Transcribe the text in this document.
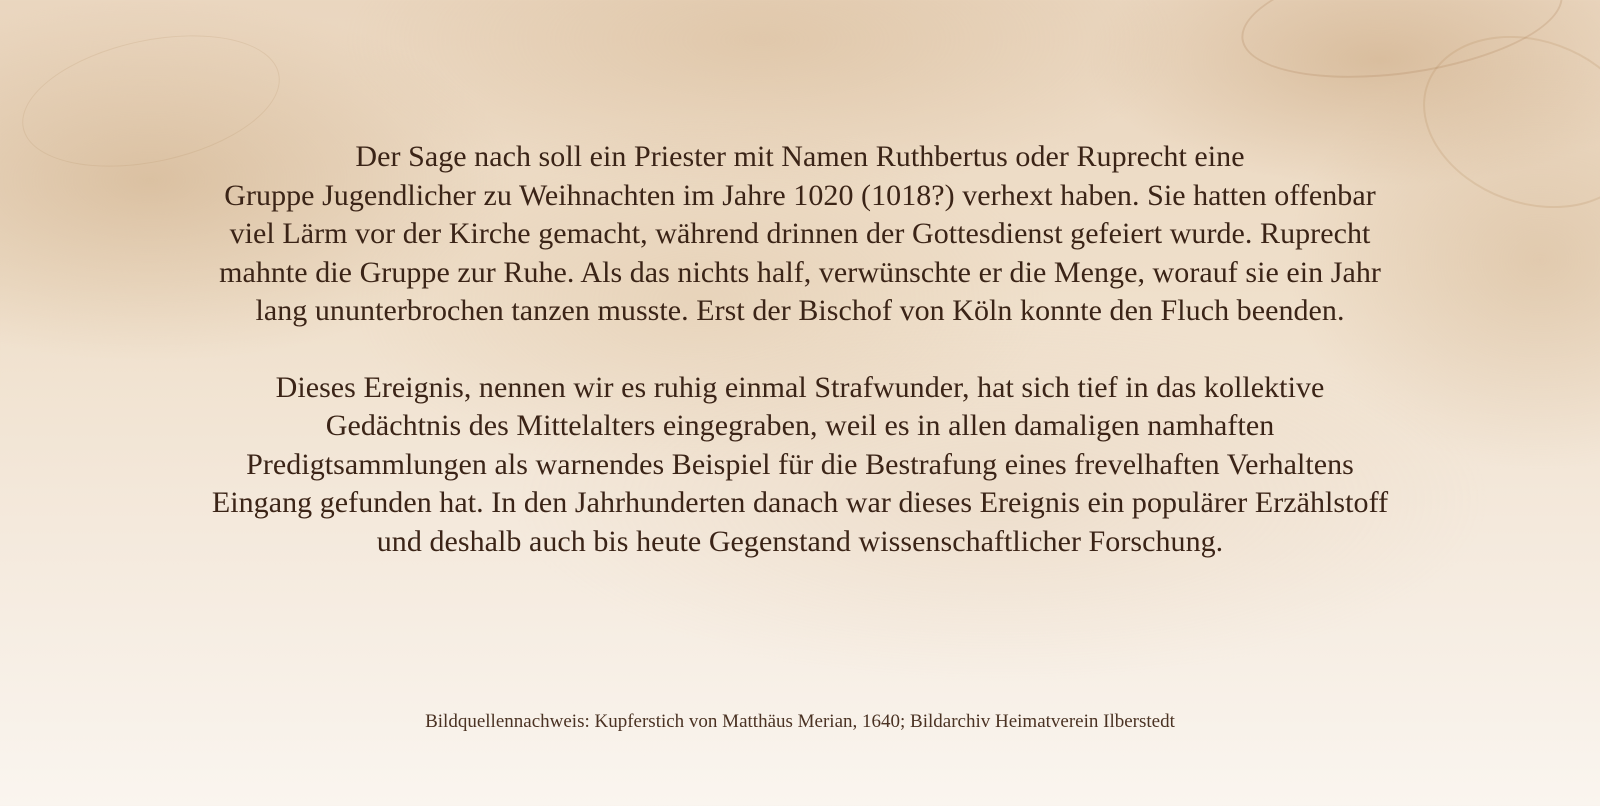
Der Sage nach soll ein Priester mit Namen Ruthbertus oder Ruprecht eine
Gruppe Jugendlicher zu Weihnachten im Jahre 1020 (1018?) verhext haben. Sie hatten offenbar
viel Lärm vor der Kirche gemacht, während drinnen der Gottesdienst gefeiert wurde. Ruprecht
mahnte die Gruppe zur Ruhe. Als das nichts half, verwünschte er die Menge, worauf sie ein Jahr
lang ununterbrochen tanzen musste. Erst der Bischof von Köln konnte den Fluch beenden.

Dieses Ereignis, nennen wir es ruhig einmal Strafwunder, hat sich tief in das kollektive
Gedächtnis des Mittelalters eingegraben, weil es in allen damaligen namhaften
Predigtsammlungen als warnendes Beispiel für die Bestrafung eines frevelhaften Verhaltens
Eingang gefunden hat. In den Jahrhunderten danach war dieses Ereignis ein populärer Erzählstoff
und deshalb auch bis heute Gegenstand wissenschaftlicher Forschung.

Bildquellennachweis: Kupferstich von Matthäus Merian, 1640; Bildarchiv Heimatverein Ilberstedt
